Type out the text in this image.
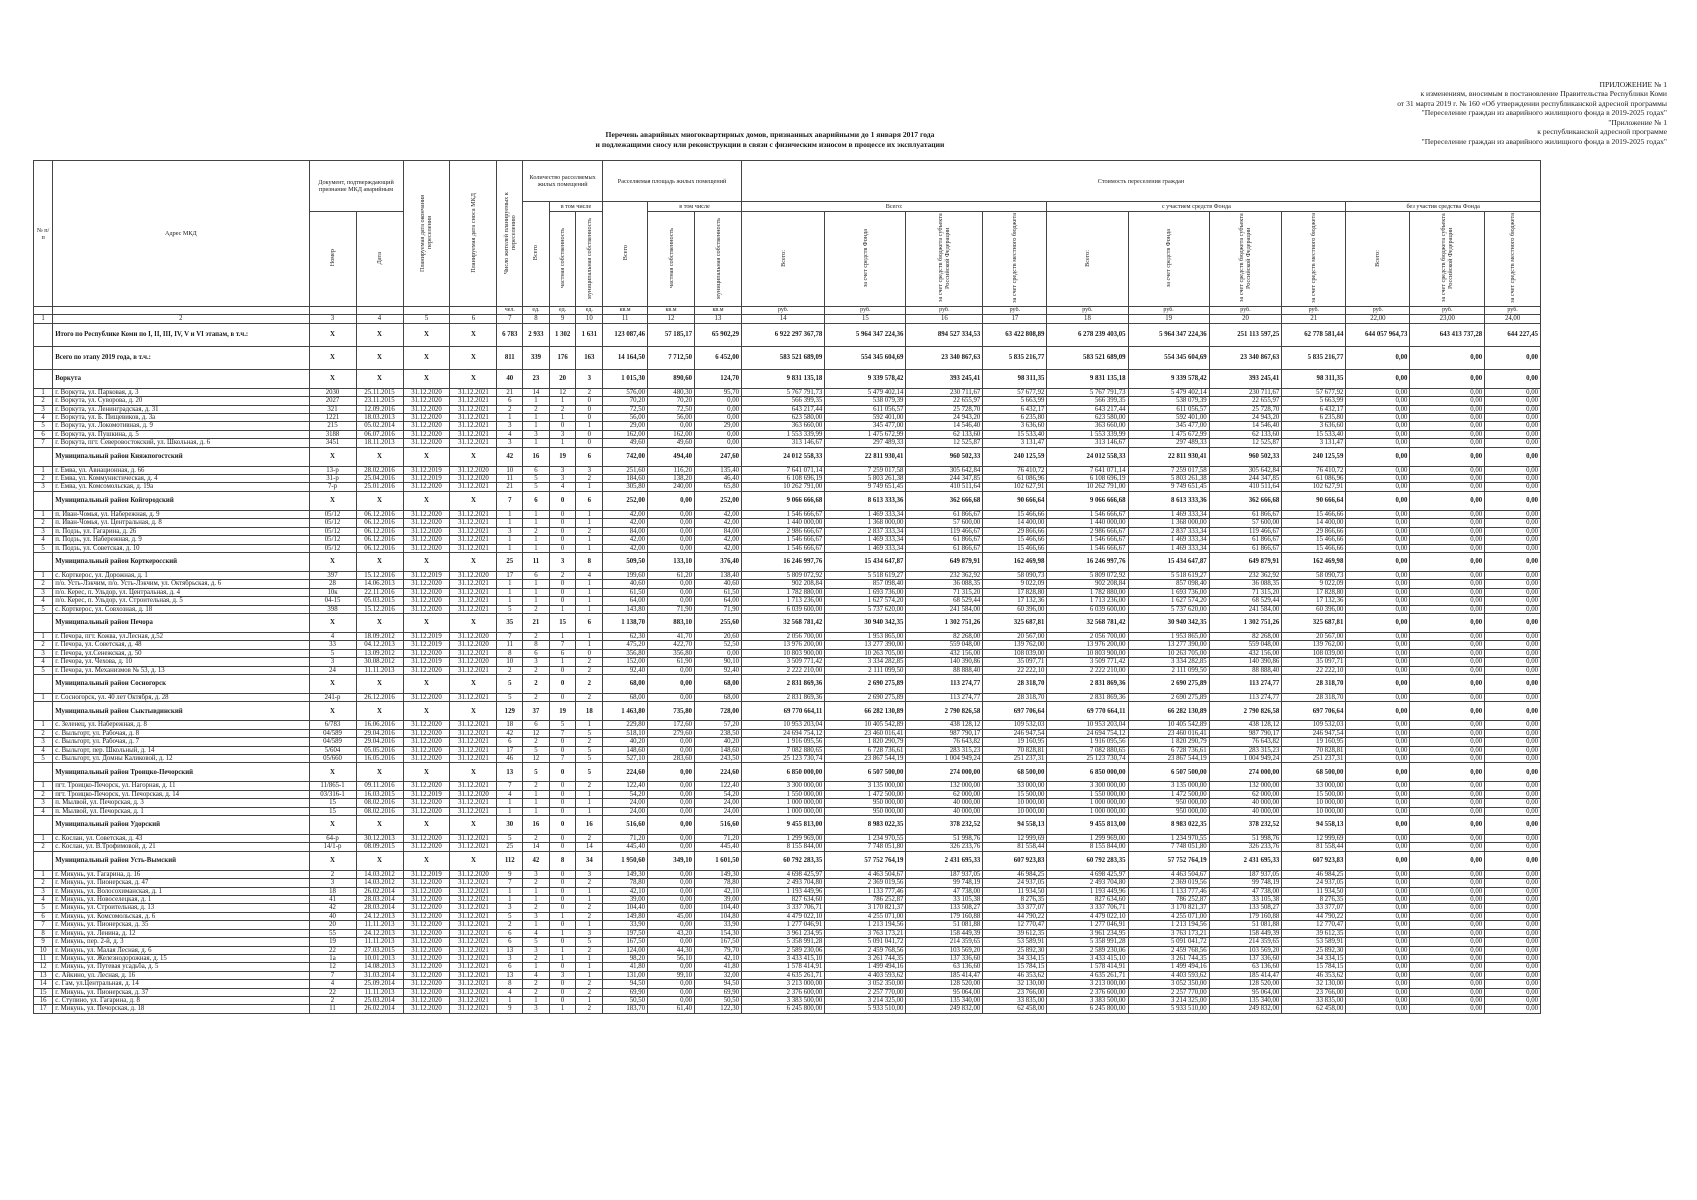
ПРИЛОЖЕНИЕ № 1
к изменениям, вносимым в постановление Правительства Республики Коми
от 31 марта 2019 г. № 160 «Об утверждении республиканской адресной программы
"Переселение граждан из аварийного жилищного фонда в 2019-2025 годах"
"Приложение № 1
к республиканской адресной программе
"Переселение граждан из аварийного жилищного фонда в 2019-2025 годах"
Перечень аварийных многоквартирных домов, признанных аварийными до 1 января 2017 года
и подлежащими сносу или реконструкции в связи с физическим износом в процессе их эксплуатации
№ п/п	Адрес МКД	Документ, подтверждающий признание МКД аварийным		Планируемая дата окончания переселения	Планируемая дата сноса МКД	Число жителей планируемых к переселению	Количество расселяемых жилых помещений			Расселяемая площадь жилых помещений			Стоимость переселения граждан										
							Всего	в том числе		Всего	в том числе		Всего:				с участием средств Фонда				без участия средства Фонда		
		Номер	Дата					частная собственность	муниципальная собственность		частная собственность	муниципальная собственность	Всего:	за счет средств Фонда	за счет средств бюджета субъекта Российской Федерации	за счет средств местного бюджета	Всего:	за счет средств Фонда	за счет средств бюджета субъекта Российской Федерации	за счет средств местного бюджета	Всего:	за счет средств бюджета субъекта Российской Федерации	за счет средств местного бюджета
						чел.	ед.	ед.	ед.	кв.м	кв.м	кв.м	руб.	руб.	руб.	руб.	руб.	руб.	руб.	руб.	руб.	руб.	руб.
1	2	3	4	5	6	7	8	9	10	11	12	13	14	15	16	17	18	19	20	21	22,00	23,00	24,00
	Итого по Республике Коми по I, II, III, IV, V и VI этапам, в т.ч.:	X	X	X	X	6 783	2 933	1 302	1 631	123 087,46	57 185,17	65 902,29	6 922 297 367,78	5 964 347 224,36	894 527 334,53	63 422 808,89	6 278 239 403,05	5 964 347 224,36	251 113 597,25	62 778 581,44	644 057 964,73	643 413 737,28	644 227,45
	Всего по этапу 2019 года, в т.ч.:	X	X	X	X	811	339	176	163	14 164,50	7 712,50	6 452,00	583 521 689,09	554 345 604,69	23 340 867,63	5 835 216,77	583 521 689,09	554 345 604,69	23 340 867,63	5 835 216,77	0,00	0,00	0,00
	Воркута	X	X	X	X	40	23	20	3	1 015,30	890,60	124,70	9 831 135,18	9 339 578,42	393 245,41	98 311,35	9 831 135,18	9 339 578,42	393 245,41	98 311,35	0,00	0,00	0,00
1	г. Воркута, ул. Парковая, д. 3	2030	25.11.2015	31.12.2020	31.12.2021	21	14	12	2	576,00	480,30	95,70	5 767 791,73	5 479 402,14	230 711,67	57 677,92	5 767 791,73	5 479 402,14	230 711,67	57 677,92	0,00	0,00	0,00
2	г. Воркута, ул. Суворова, д. 20	2027	23.11.2015	31.12.2020	31.12.2021	6	1	1	0	70,20	70,20	0,00	566 399,35	538 079,39	22 655,97	5 663,99	566 399,35	538 079,39	22 655,97	5 663,99	0,00	0,00	0,00
3	г. Воркута, ул. Ленинградская, д. 31	321	12.09.2016	31.12.2020	31.12.2021	2	2	2	0	72,50	72,50	0,00	643 217,44	611 056,57	25 728,70	6 432,17	643 217,44	611 056,57	25 728,70	6 432,17	0,00	0,00	0,00
4	г. Воркута, ул. Б. Пищевиков, д. 3а	1221	18.03.2013	31.12.2020	31.12.2021	1	1	1	0	56,00	56,00	0,00	623 580,00	592 401,00	24 943,20	6 235,80	623 580,00	592 401,00	24 943,20	6 235,80	0,00	0,00	0,00
5	г. Воркута, ул. Локомотивная, д. 9	215	05.02.2014	31.12.2020	31.12.2021	3	1	0	1	29,00	0,00	29,00	363 660,00	345 477,00	14 546,40	3 636,60	363 660,00	345 477,00	14 546,40	3 636,60	0,00	0,00	0,00
6	г. Воркута, ул. Пушкина, д. 5	3188	06.07.2016	31.12.2020	31.12.2021	4	3	3	0	162,00	162,00	0,00	1 553 339,99	1 475 672,99	62 133,60	15 533,40	1 553 339,99	1 475 672,99	62 133,60	15 533,40	0,00	0,00	0,00
7	г. Воркута, пгт. Северовостокский, ул. Школьная, д. 6	3451	18.11.2013	31.12.2020	31.12.2021	3	1	1	0	49,60	49,60	0,00	313 146,67	297 489,33	12 525,87	3 131,47	313 146,67	297 489,33	12 525,87	3 131,47	0,00	0,00	0,00
	Муниципальный район Княжпогостский	X	X	X	X	42	16	19	6	742,00	494,40	247,60	24 012 558,33	22 811 930,41	960 502,33	240 125,59	24 012 558,33	22 811 930,41	960 502,33	240 125,59	0,00	0,00	0,00
1	г. Емва, ул. Авиационная, д. 66	13-р	28.02.2016	31.12.2019	31.12.2020	10	6	3	3	251,60	116,20	135,40	7 641 071,14	7 259 017,58	305 642,84	76 410,72	7 641 071,14	7 259 017,58	305 642,84	76 410,72	0,00	0,00	0,00
2	г. Емва, ул. Коммунистическая, д. 4	31-р	25.04.2016	31.12.2019	31.12.2020	11	5	3	2	184,60	138,20	46,40	6 108 696,19	5 803 261,38	244 347,85	61 086,96	6 108 696,19	5 803 261,38	244 347,85	61 086,96	0,00	0,00	0,00
3	г. Емва, ул. Комсомольская, д. 19а	7-р	25.01.2016	31.12.2020	31.12.2021	21	5	4	1	305,80	240,00	65,80	10 262 791,00	9 749 651,45	410 511,64	102 627,91	10 262 791,00	9 749 651,45	410 511,64	102 627,91	0,00	0,00	0,00
	Муниципальный район Койгородский	X	X	X	X	7	6	0	6	252,00	0,00	252,00	9 066 666,68	8 613 333,36	362 666,68	90 666,64	9 066 666,68	8 613 333,36	362 666,68	90 666,64	0,00	0,00	0,00
1	п. Иван-Чомья, ул. Набережная, д. 9	05/12	06.12.2016	31.12.2020	31.12.2021	1	1	0	1	42,00	0,00	42,00	1 546 666,67	1 469 333,34	61 866,67	15 466,66	1 546 666,67	1 469 333,34	61 866,67	15 466,66	0,00	0,00	0,00
2	п. Иван-Чомья, ул. Центральная, д. 8	05/12	06.12.2016	31.12.2020	31.12.2021	1	1	0	1	42,00	0,00	42,00	1 440 000,00	1 368 000,00	57 600,00	14 400,00	1 440 000,00	1 368 000,00	57 600,00	14 400,00	0,00	0,00	0,00
3	п. Подзь, ул. Гагарина, д. 26	05/12	06.12.2016	31.12.2020	31.12.2021	3	2	0	2	84,00	0,00	84,00	2 986 666,67	2 837 333,34	119 466,67	29 866,66	2 986 666,67	2 837 333,34	119 466,67	29 866,66	0,00	0,00	0,00
4	п. Подзь, ул. Набережная, д. 9	05/12	06.12.2016	31.12.2020	31.12.2021	1	1	0	1	42,00	0,00	42,00	1 546 666,67	1 469 333,34	61 866,67	15 466,66	1 546 666,67	1 469 333,34	61 866,67	15 466,66	0,00	0,00	0,00
5	п. Подзь, ул. Советская, д. 10	05/12	06.12.2016	31.12.2020	31.12.2021	1	1	0	1	42,00	0,00	42,00	1 546 666,67	1 469 333,34	61 866,67	15 466,66	1 546 666,67	1 469 333,34	61 866,67	15 466,66	0,00	0,00	0,00
	Муниципальный район Корткеросский	X	X	X	X	25	11	3	8	509,50	133,10	376,40	16 246 997,76	15 434 647,87	649 879,91	162 469,98	16 246 997,76	15 434 647,87	649 879,91	162 469,98	0,00	0,00	0,00
1	с. Корткерос, ул. Дорожная, д. 1	397	15.12.2016	31.12.2019	31.12.2020	17	6	2	4	199,60	61,20	138,40	5 809 072,92	5 518 619,27	232 362,92	58 090,73	5 809 072,92	5 518 619,27	232 362,92	58 090,73	0,00	0,00	0,00
2	п/о. Усть-Лэкчим, п/о. Усть-Лэкчим, ул. Октябрьская, д. 6	28	14.06.2013	31.12.2020	31.12.2021	1	1	0	1	40,60	0,00	40,60	902 208,84	857 098,40	36 088,35	9 022,09	902 208,84	857 098,40	36 088,35	9 022,09	0,00	0,00	0,00
3	п/о. Керес, п. Ульдор, ул. Центральная, д. 4	10к	22.11.2016	31.12.2020	31.12.2021	1	1	0	1	61,50	0,00	61,50	1 782 880,00	1 693 736,00	71 315,20	17 828,80	1 782 880,00	1 693 736,00	71 315,20	17 828,80	0,00	0,00	0,00
4	п/о. Керес, п. Ульдор, ул. Строительная, д. 5	04-15	05.03.2015	31.12.2020	31.12.2021	1	1	0	1	64,00	0,00	64,00	1 713 236,00	1 627 574,20	68 529,44	17 132,36	1 713 236,00	1 627 574,20	68 529,44	17 132,36	0,00	0,00	0,00
5	с. Корткерос, ул. Совхозная, д. 18	398	15.12.2016	31.12.2020	31.12.2021	5	2	1	1	143,80	71,90	71,90	6 039 600,00	5 737 620,00	241 584,00	60 396,00	6 039 600,00	5 737 620,00	241 584,00	60 396,00	0,00	0,00	0,00
	Муниципальный район Печора	X	X	X	X	35	21	15	6	1 138,70	883,10	255,60	32 568 781,42	30 940 342,35	1 302 751,26	325 687,81	32 568 781,42	30 940 342,35	1 302 751,26	325 687,81	0,00	0,00	0,00
1	г. Печора, пгт. Кожва, ул.Лесная, д.52	4	18.09.2012	31.12.2019	31.12.2020	7	2	1	1	62,30	41,70	20,60	2 056 700,00	1 953 865,00	82 268,00	20 567,00	2 056 700,00	1 953 865,00	82 268,00	20 567,00	0,00	0,00	0,00
2	г. Печора, ул. Советская, д. 48	33	04.12.2013	31.12.2019	31.12.2020	11	8	7	1	475,20	422,70	52,50	13 976 200,00	13 277 390,00	559 048,00	139 762,00	13 976 200,00	13 277 390,00	559 048,00	139 762,00	0,00	0,00	0,00
3	г. Печора, ул.Сенежская, д. 50	5	13.09.2012	31.12.2020	31.12.2021	8	6	6	0	356,80	356,80	0,00	10 803 900,00	10 263 705,00	432 156,00	108 039,00	10 803 900,00	10 263 705,00	432 156,00	108 039,00	0,00	0,00	0,00
4	г. Печора, ул. Чехова, д. 10	3	30.08.2012	31.12.2019	31.12.2020	10	3	1	2	152,00	61,90	90,10	3 509 771,42	3 334 282,85	140 390,86	35 097,71	3 509 771,42	3 334 282,85	140 390,86	35 097,71	0,00	0,00	0,00
5	г. Печора, ул. Механизмов № 53, д. 13	24	11.11.2013	31.12.2020	31.12.2021	2	2	0	2	92,40	0,00	92,40	2 222 210,00	2 111 099,50	88 888,40	22 222,10	2 222 210,00	2 111 099,50	88 888,40	22 222,10	0,00	0,00	0,00
	Муниципальный район Сосногорск	X	X	X	X	5	2	0	2	68,00	0,00	68,00	2 831 869,36	2 690 275,89	113 274,77	28 318,70	2 831 869,36	2 690 275,89	113 274,77	28 318,70	0,00	0,00	0,00
1	г. Сосногорск, ул. 40 лет Октября, д. 28	241-р	26.12.2016	31.12.2020	31.12.2021	5	2	0	2	68,00	0,00	68,00	2 831 869,36	2 690 275,89	113 274,77	28 318,70	2 831 869,36	2 690 275,89	113 274,77	28 318,70	0,00	0,00	0,00
	Муниципальный район Сыктывдинский	X	X	X	X	129	37	19	18	1 463,80	735,80	728,00	69 770 664,11	66 282 130,89	2 790 826,58	697 706,64	69 770 664,11	66 282 130,89	2 790 826,58	697 706,64	0,00	0,00	0,00
1	с. Зеленец, ул. Набережная, д. 8	6/783	16.06.2016	31.12.2020	31.12.2021	18	6	5	1	229,80	172,60	57,20	10 953 203,04	10 405 542,89	438 128,12	109 532,03	10 953 203,04	10 405 542,89	438 128,12	109 532,03	0,00	0,00	0,00
2	с. Выльгорт, ул. Рабочая, д. 8	04/589	29.04.2016	31.12.2020	31.12.2021	42	12	7	5	518,10	279,60	238,50	24 694 754,12	23 460 016,41	987 790,17	246 947,54	24 694 754,12	23 460 016,41	987 790,17	246 947,54	0,00	0,00	0,00
3	с. Выльгорт, ул. Рабочая, д. 7	04/589	29.04.2016	31.12.2020	31.12.2021	6	2	0	2	40,20	0,00	40,20	1 916 095,56	1 820 290,79	76 643,82	19 160,95	1 916 095,56	1 820 290,79	76 643,82	19 160,95	0,00	0,00	0,00
4	с. Выльгорт, пер. Школьный, д. 14	5/604	05.05.2016	31.12.2020	31.12.2021	17	5	0	5	148,60	0,00	148,60	7 082 880,65	6 728 736,61	283 315,23	70 828,81	7 082 880,65	6 728 736,61	283 315,23	70 828,81	0,00	0,00	0,00
5	с. Выльгорт, ул. Домны Каликовой, д. 12	05/660	16.05.2016	31.12.2020	31.12.2021	46	12	7	5	527,10	283,60	243,50	25 123 730,74	23 867 544,19	1 004 949,24	251 237,31	25 123 730,74	23 867 544,19	1 004 949,24	251 237,31	0,00	0,00	0,00
	Муниципальный район Троицко-Печорский	X	X	X	X	13	5	0	5	224,60	0,00	224,60	6 850 000,00	6 507 500,00	274 000,00	68 500,00	6 850 000,00	6 507 500,00	274 000,00	68 500,00	0,00	0,00	0,00
1	пгт. Троицко-Печорск, ул. Нагорная, д. 11	11/865-1	09.11.2016	31.12.2020	31.12.2021	7	2	0	2	122,40	0,00	122,40	3 300 000,00	3 135 000,00	132 000,00	33 000,00	3 300 000,00	3 135 000,00	132 000,00	33 000,00	0,00	0,00	0,00
2	пгт. Троицко-Печорск, ул. Печорская, д. 14	03/316-1	16.03.2015	31.12.2019	31.12.2020	4	1	0	1	54,20	0,00	54,20	1 550 000,00	1 472 500,00	62 000,00	15 500,00	1 550 000,00	1 472 500,00	62 000,00	15 500,00	0,00	0,00	0,00
3	п. Мылвой, ул. Печорская, д. 3	15	08.02.2016	31.12.2020	31.12.2021	1	1	0	1	24,00	0,00	24,00	1 000 000,00	950 000,00	40 000,00	10 000,00	1 000 000,00	950 000,00	40 000,00	10 000,00	0,00	0,00	0,00
4	п. Мылвой, ул. Печорская, д. 1	15	08.02.2016	31.12.2020	31.12.2021	1	1	0	1	24,00	0,00	24,00	1 000 000,00	950 000,00	40 000,00	10 000,00	1 000 000,00	950 000,00	40 000,00	10 000,00	0,00	0,00	0,00
	Муниципальный район Удорский	X	X	X	X	30	16	0	16	516,60	0,00	516,60	9 455 813,00	8 983 022,35	378 232,52	94 558,13	9 455 813,00	8 983 022,35	378 232,52	94 558,13	0,00	0,00	0,00
1	с. Кослан, ул. Советская, д. 43	64-р	30.12.2013	31.12.2020	31.12.2021	5	2	0	2	71,20	0,00	71,20	1 299 969,00	1 234 970,55	51 998,76	12 999,69	1 299 969,00	1 234 970,55	51 998,76	12 999,69	0,00	0,00	0,00
2	с. Кослан, ул. В.Трофимовой, д. 21	14/1-р	08.09.2015	31.12.2020	31.12.2021	25	14	0	14	445,40	0,00	445,40	8 155 844,00	7 748 051,80	326 233,76	81 558,44	8 155 844,00	7 748 051,80	326 233,76	81 558,44	0,00	0,00	0,00
	Муниципальный район Усть-Вымский	X	X	X	X	112	42	8	34	1 950,60	349,10	1 601,50	60 792 283,35	57 752 764,19	2 431 695,33	607 923,83	60 792 283,35	57 752 764,19	2 431 695,33	607 923,83	0,00	0,00	0,00
1	г. Микунь, ул. Гагарина, д. 16	2	14.03.2012	31.12.2019	31.12.2020	9	3	0	3	149,30	0,00	149,30	4 698 425,97	4 463 504,67	187 937,05	46 984,25	4 698 425,97	4 463 504,67	187 937,05	46 984,25	0,00	0,00	0,00
2	г. Микунь, ул. Пионерская, д. 47	3	14.03.2012	31.12.2020	31.12.2021	7	2	0	2	78,80	0,00	78,80	2 493 704,80	2 369 019,56	99 748,19	24 937,05	2 493 704,80	2 369 019,56	99 748,19	24 937,05	0,00	0,00	0,00
3	г. Микунь, ул. Волосохиманская, д. 1	18	26.02.2014	31.12.2020	31.12.2021	1	1	0	1	42,10	0,00	42,10	1 193 449,96	1 133 777,46	47 738,00	11 934,50	1 193 449,96	1 133 777,46	47 738,00	11 934,50	0,00	0,00	0,00
4	г. Микунь, ул. Новоселецкая, д. 1	41	28.03.2014	31.12.2020	31.12.2021	1	1	0	1	39,00	0,00	39,00	827 634,60	786 252,87	33 105,38	8 276,35	827 634,60	786 252,87	33 105,38	8 276,35	0,00	0,00	0,00
5	г. Микунь, ул. Строительная, д. 13	42	28.03.2014	31.12.2020	31.12.2021	3	2	0	2	104,40	0,00	104,40	3 337 706,71	3 170 821,37	133 508,27	33 377,07	3 337 706,71	3 170 821,37	133 508,27	33 377,07	0,00	0,00	0,00
6	г. Микунь, ул. Комсомольская, д. 6	40	24.12.2013	31.12.2020	31.12.2021	5	3	1	2	149,80	45,00	104,80	4 479 022,10	4 255 071,00	179 160,88	44 790,22	4 479 022,10	4 255 071,00	179 160,88	44 790,22	0,00	0,00	0,00
7	г. Микунь, ул. Пионерская, д. 35	20	11.11.2013	31.12.2020	31.12.2021	2	1	0	1	33,90	0,00	33,90	1 277 046,91	1 213 194,56	51 081,88	12 770,47	1 277 046,91	1 213 194,56	51 081,88	12 770,47	0,00	0,00	0,00
8	г. Микунь, ул. Ленина, д. 12	55	24.12.2013	31.12.2020	31.12.2021	6	4	1	3	197,50	43,20	154,30	3 961 234,95	3 763 173,21	158 449,39	39 612,35	3 961 234,95	3 763 173,21	158 449,39	39 612,35	0,00	0,00	0,00
9	г. Микунь, пер. 2-й, д. 3	19	11.11.2013	31.12.2020	31.12.2021	6	5	0	5	167,50	0,00	167,50	5 358 991,28	5 091 041,72	214 359,65	53 589,91	5 358 991,28	5 091 041,72	214 359,65	53 589,91	0,00	0,00	0,00
10	г. Микунь, ул. Малая Лесная, д. 6	22	27.03.2015	31.12.2020	31.12.2021	13	3	1	2	124,00	44,30	79,70	2 589 230,06	2 459 768,56	103 569,20	25 892,30	2 589 230,06	2 459 768,56	103 569,20	25 892,30	0,00	0,00	0,00
11	г. Микунь, ул. Железнодорожная, д. 15	1а	10.01.2013	31.12.2020	31.12.2021	3	2	1	1	98,20	56,10	42,10	3 433 415,10	3 261 744,35	137 336,60	34 334,15	3 433 415,10	3 261 744,35	137 336,60	34 334,15	0,00	0,00	0,00
12	г. Микунь, ул. Путевая усадьба, д. 5	12	14.08.2013	31.12.2020	31.12.2021	6	1	0	1	41,80	0,00	41,80	1 578 414,91	1 499 494,16	63 136,60	15 784,15	1 578 414,91	1 499 494,16	63 136,60	15 784,15	0,00	0,00	0,00
13	с. Айкино, ул. Лесная, д. 16	7	31.03.2014	31.12.2020	31.12.2021	13	4	3	1	131,00	99,10	32,00	4 635 261,71	4 403 593,62	185 414,47	46 353,62	4 635 261,71	4 403 593,62	185 414,47	46 353,62	0,00	0,00	0,00
14	с. Гам, ул.Центральная, д. 14	4	25.09.2014	31.12.2020	31.12.2021	8	2	0	2	94,50	0,00	94,50	3 213 000,00	3 052 350,00	128 520,00	32 130,00	3 213 000,00	3 052 350,00	128 520,00	32 130,00	0,00	0,00	0,00
15	г. Микунь, ул. Пионерская, д. 37	22	11.11.2013	31.12.2020	31.12.2021	4	2	0	2	69,90	0,00	69,90	2 376 600,00	2 257 770,00	95 064,00	23 766,00	2 376 600,00	2 257 770,00	95 064,00	23 766,00	0,00	0,00	0,00
16	с. Ступино, ул. Гагарина, д. 8	2	25.03.2014	31.12.2020	31.12.2021	1	1	0	1	50,50	0,00	50,50	3 383 500,00	3 214 325,00	135 340,00	33 835,00	3 383 500,00	3 214 325,00	135 340,00	33 835,00	0,00	0,00	0,00
17	г. Микунь, ул. Печорская, д. 18	11	26.02.2014	31.12.2020	31.12.2021	9	3	1	2	183,70	61,40	122,30	6 245 800,00	5 933 510,00	249 832,00	62 458,00	6 245 800,00	5 933 510,00	249 832,00	62 458,00	0,00	0,00	0,00
